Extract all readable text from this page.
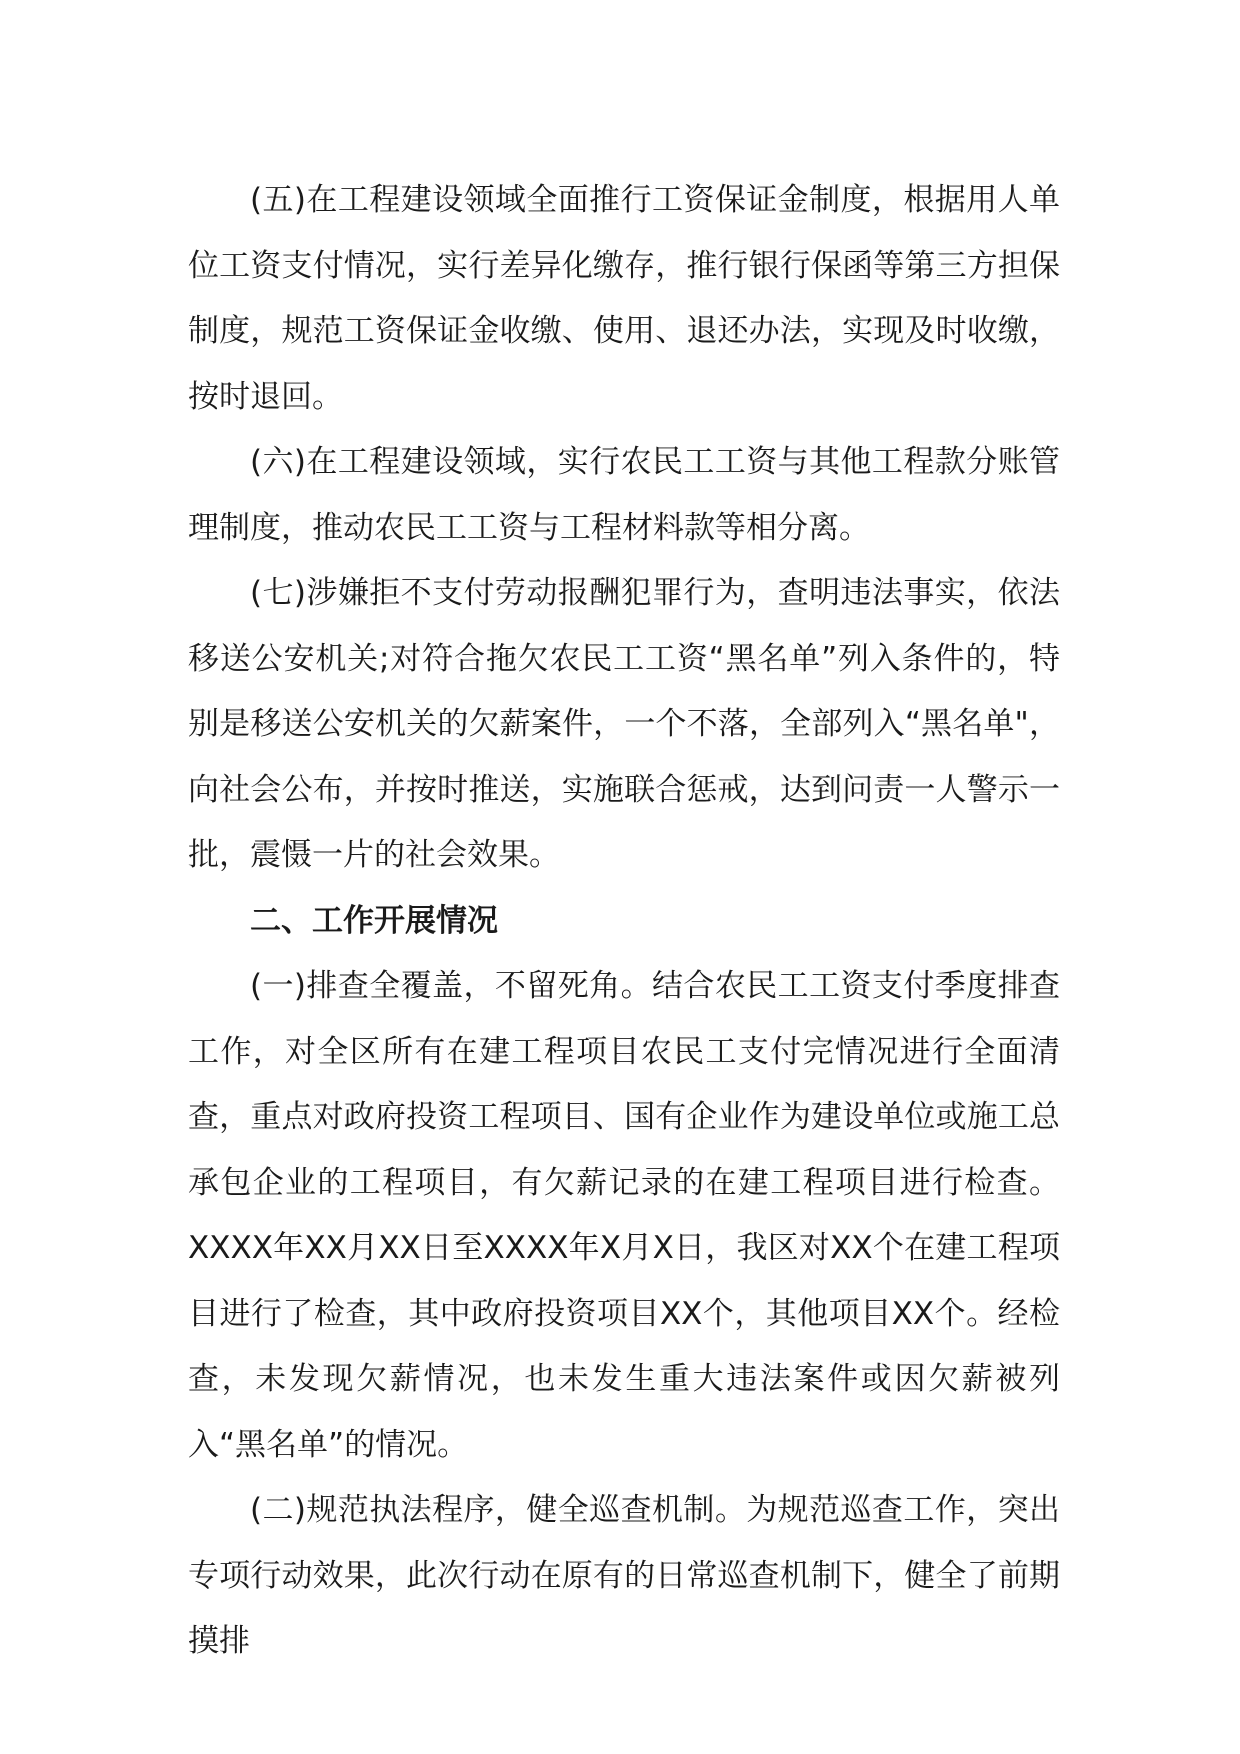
(五)在工程建设领域全面推行工资保证金制度，根据用人单位工资支付情况，实行差异化缴存，推行银行保函等第三方担保制度，规范工资保证金收缴、使用、退还办法，实现及时收缴，按时退回。

(六)在工程建设领域，实行农民工工资与其他工程款分账管理制度，推动农民工工资与工程材料款等相分离。

(七)涉嫌拒不支付劳动报酬犯罪行为，查明违法事实，依法移送公安机关;对符合拖欠农民工工资“黑名单”列入条件的，特别是移送公安机关的欠薪案件，一个不落，全部列入“黑名单"，向社会公布，并按时推送，实施联合惩戒，达到问责一人警示一批，震慑一片的社会效果。

二、工作开展情况

(一)排查全覆盖，不留死角。结合农民工工资支付季度排查工作，对全区所有在建工程项目农民工支付完情况进行全面清查，重点对政府投资工程项目、国有企业作为建设单位或施工总承包企业的工程项目，有欠薪记录的在建工程项目进行检查。XXXX年XX月XX日至XXXX年X月X日，我区对XX个在建工程项目进行了检查，其中政府投资项目XX个，其他项目XX个。经检查，未发现欠薪情况，也未发生重大违法案件或因欠薪被列入“黑名单”的情况。

(二)规范执法程序，健全巡查机制。为规范巡查工作，突出专项行动效果，此次行动在原有的日常巡查机制下，健全了前期摸排
